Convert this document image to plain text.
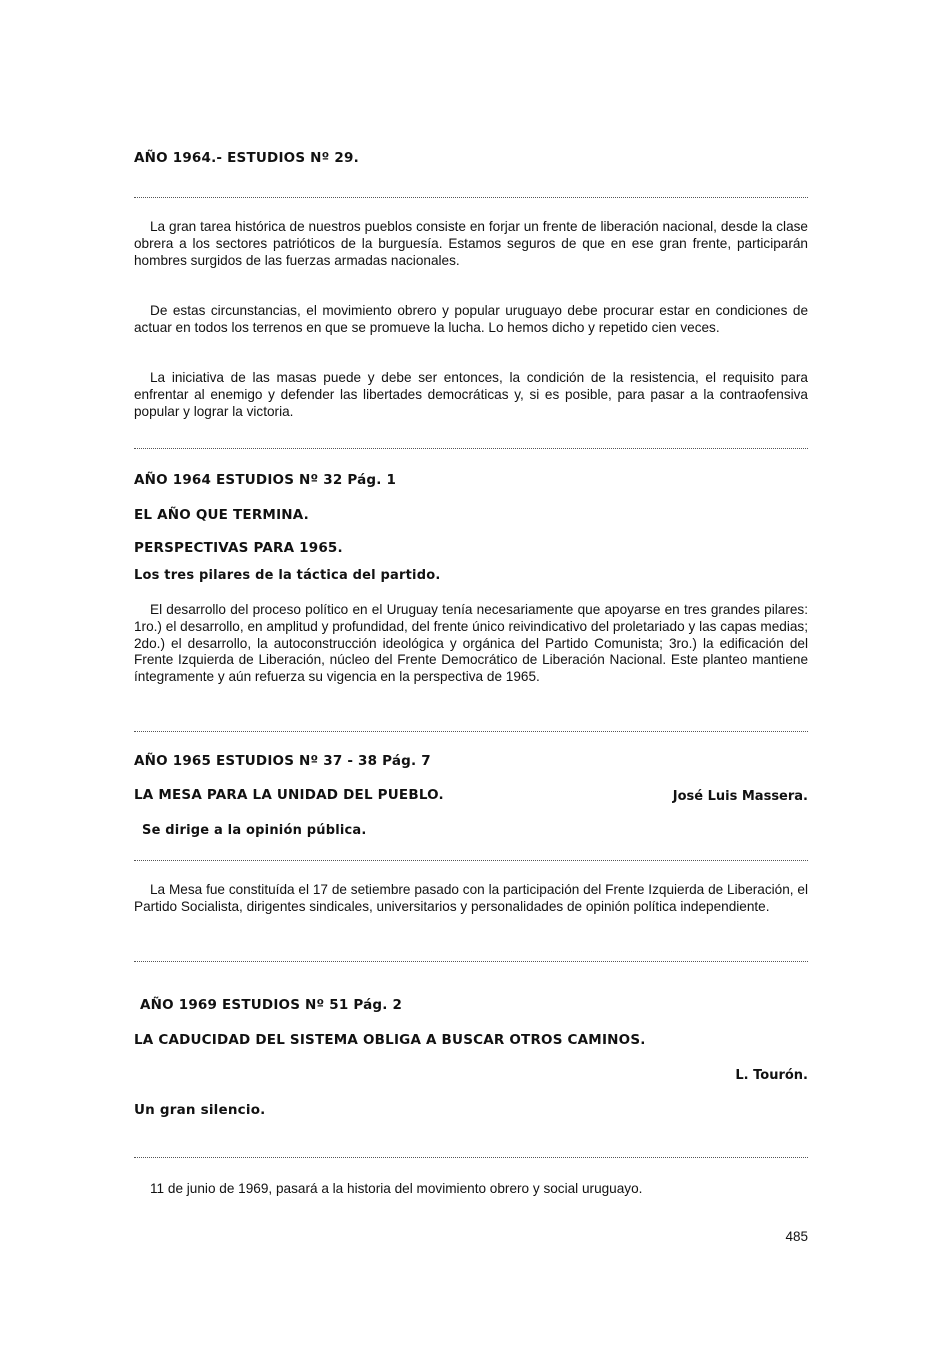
AÑO 1964.- ESTUDIOS Nº 29.
La gran tarea histórica de nuestros pueblos consiste en forjar un frente de liberación nacional, desde la clase obrera a los sectores patrióticos de la burguesía. Estamos seguros de que en ese gran frente, participarán hombres surgidos de las fuerzas armadas nacionales.
De estas circunstancias, el movimiento obrero y popular uruguayo debe procurar estar en condiciones de actuar en todos los terrenos en que se promueve la lucha. Lo hemos dicho y repetido cien veces.
La iniciativa de las masas puede y debe ser entonces, la condición de la resistencia, el requisito para enfrentar al enemigo y defender las libertades democráticas y, si es posible, para pasar a la contraofensiva popular y lograr la victoria.
AÑO 1964 ESTUDIOS Nº 32 Pág. 1
EL AÑO QUE TERMINA.
PERSPECTIVAS PARA 1965.
Los tres pilares de la táctica del partido.
El desarrollo del proceso político en el Uruguay tenía necesariamente que apoyarse en tres grandes pilares: 1ro.) el desarrollo, en amplitud y profundidad, del frente único reivindicativo del proletariado y las capas medias; 2do.) el desarrollo, la autoconstrucción ideológica y orgánica del Partido Comunista; 3ro.) la edificación del Frente Izquierda de Liberación, núcleo del Frente Democrático de Liberación Nacional. Este planteo mantiene íntegramente y aún refuerza su vigencia en la perspectiva de 1965.
AÑO 1965 ESTUDIOS Nº 37 - 38 Pág. 7
LA MESA PARA LA UNIDAD DEL PUEBLO.	José Luis Massera.
Se dirige a la opinión pública.
La Mesa fue constituída el 17 de setiembre pasado con la participación del Frente Izquierda de Liberación, el Partido Socialista, dirigentes sindicales, universitarios y personalidades de opinión política independiente.
AÑO 1969 ESTUDIOS Nº 51 Pág. 2
LA CADUCIDAD DEL SISTEMA OBLIGA A BUSCAR OTROS CAMINOS.
L. Tourón.
Un gran silencio.
11 de junio de 1969, pasará a la historia del movimiento obrero y social uruguayo.
485
